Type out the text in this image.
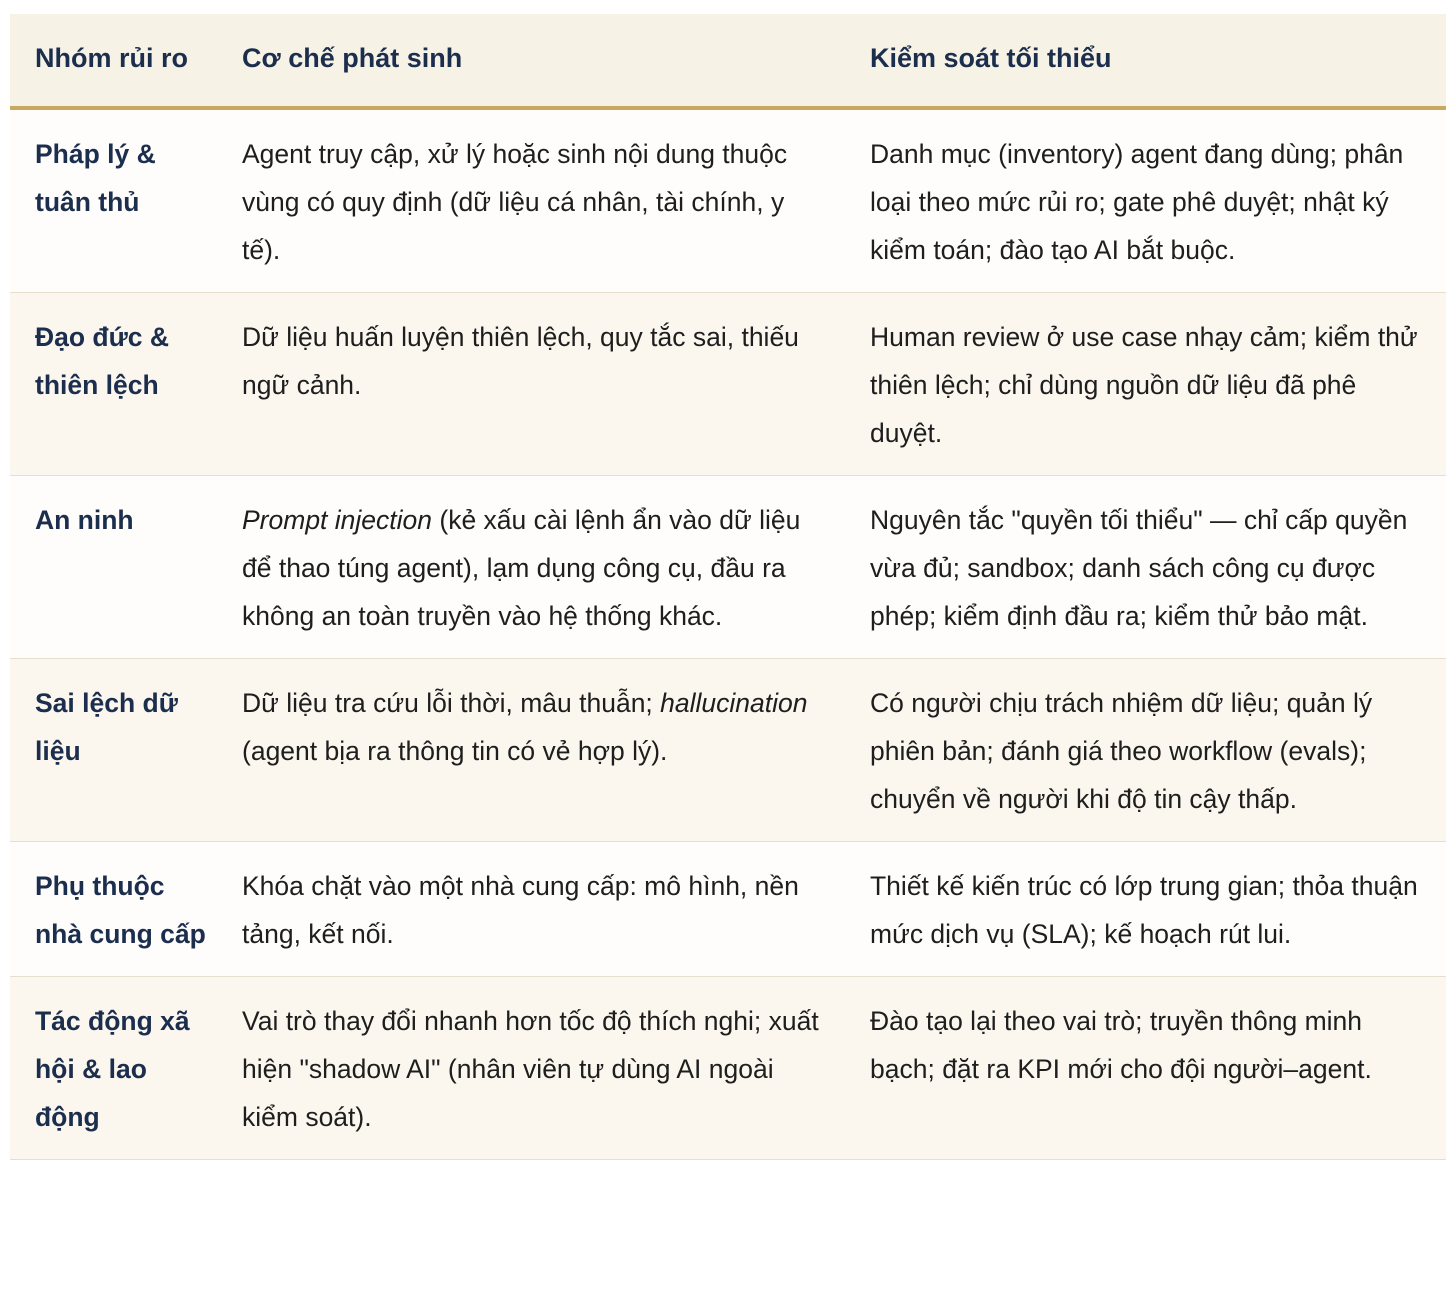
Nhóm rủi ro	Cơ chế phát sinh	Kiểm soát tối thiểu
Pháp lý & tuân thủ	Agent truy cập, xử lý hoặc sinh nội dung thuộc vùng có quy định (dữ liệu cá nhân, tài chính, y tế).	Danh mục (inventory) agent đang dùng; phân loại theo mức rủi ro; gate phê duyệt; nhật ký kiểm toán; đào tạo AI bắt buộc.
Đạo đức & thiên lệch	Dữ liệu huấn luyện thiên lệch, quy tắc sai, thiếu ngữ cảnh.	Human review ở use case nhạy cảm; kiểm thử thiên lệch; chỉ dùng nguồn dữ liệu đã phê duyệt.
An ninh	Prompt injection (kẻ xấu cài lệnh ẩn vào dữ liệu để thao túng agent), lạm dụng công cụ, đầu ra không an toàn truyền vào hệ thống khác.	Nguyên tắc "quyền tối thiểu" — chỉ cấp quyền vừa đủ; sandbox; danh sách công cụ được phép; kiểm định đầu ra; kiểm thử bảo mật.
Sai lệch dữ liệu	Dữ liệu tra cứu lỗi thời, mâu thuẫn; hallucination (agent bịa ra thông tin có vẻ hợp lý).	Có người chịu trách nhiệm dữ liệu; quản lý phiên bản; đánh giá theo workflow (evals); chuyển về người khi độ tin cậy thấp.
Phụ thuộc nhà cung cấp	Khóa chặt vào một nhà cung cấp: mô hình, nền tảng, kết nối.	Thiết kế kiến trúc có lớp trung gian; thỏa thuận mức dịch vụ (SLA); kế hoạch rút lui.
Tác động xã hội & lao động	Vai trò thay đổi nhanh hơn tốc độ thích nghi; xuất hiện "shadow AI" (nhân viên tự dùng AI ngoài kiểm soát).	Đào tạo lại theo vai trò; truyền thông minh bạch; đặt ra KPI mới cho đội người–agent.
